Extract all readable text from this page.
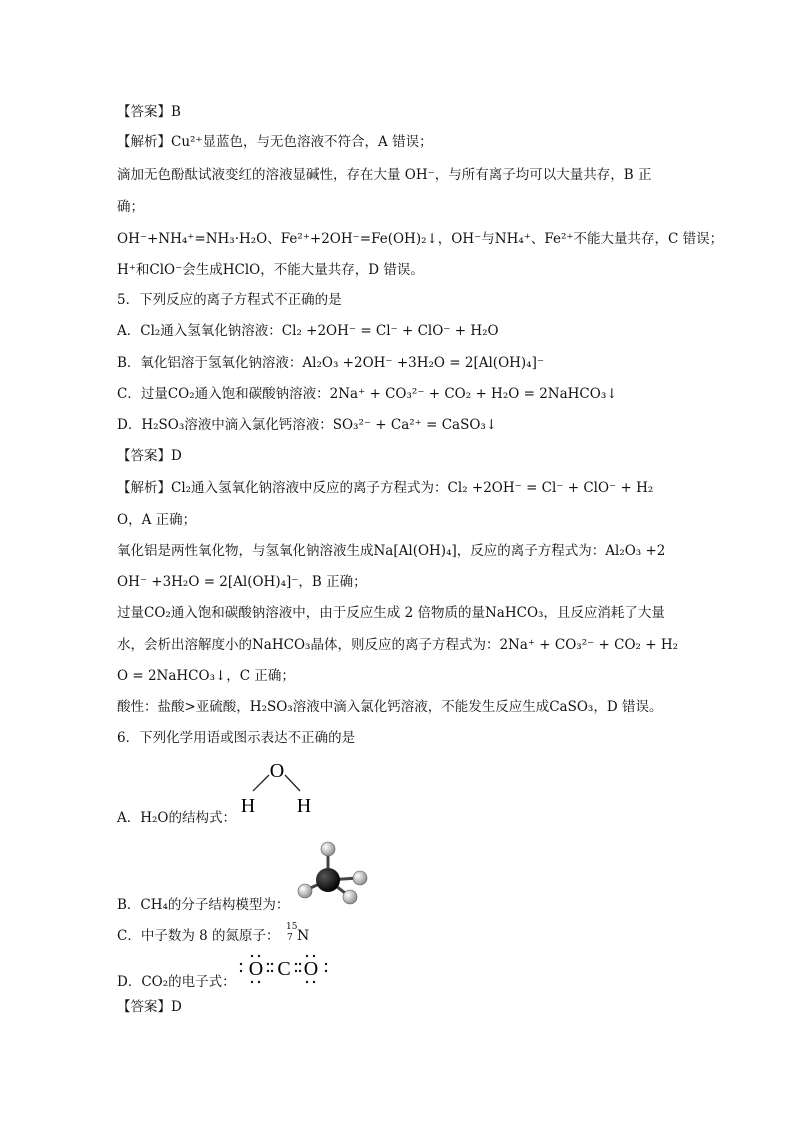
【答案】B
【解析】Cu²⁺显蓝色，与无色溶液不符合，A 错误；
滴加无色酚酞试液变红的溶液显碱性，存在大量 OH⁻，与所有离子均可以大量共存，B 正
确；
OH⁻+NH₄⁺=NH₃·H₂O、Fe²⁺+2OH⁻=Fe(OH)₂↓，OH⁻与NH₄⁺、Fe²⁺不能大量共存，C 错误；
H⁺和ClO⁻会生成HClO，不能大量共存，D 错误。
5．下列反应的离子方程式不正确的是
A．Cl₂通入氢氧化钠溶液：Cl₂ +2OH⁻ = Cl⁻ + ClO⁻ + H₂O
B．氧化铝溶于氢氧化钠溶液：Al₂O₃ +2OH⁻ +3H₂O = 2[Al(OH)₄]⁻
C．过量CO₂通入饱和碳酸钠溶液：2Na⁺ + CO₃²⁻ + CO₂ + H₂O = 2NaHCO₃↓
D．H₂SO₃溶液中滴入氯化钙溶液：SO₃²⁻ + Ca²⁺ = CaSO₃↓
【答案】D
【解析】Cl₂通入氢氧化钠溶液中反应的离子方程式为：Cl₂ +2OH⁻ = Cl⁻ + ClO⁻ + H₂
O，A 正确；
氧化铝是两性氧化物，与氢氧化钠溶液生成Na[Al(OH)₄]，反应的离子方程式为：Al₂O₃ +2
OH⁻ +3H₂O = 2[Al(OH)₄]⁻，B 正确；
过量CO₂通入饱和碳酸钠溶液中，由于反应生成 2 倍物质的量NaHCO₃，且反应消耗了大量
水，会析出溶解度小的NaHCO₃晶体，则反应的离子方程式为：2Na⁺ + CO₃²⁻ + CO₂ + H₂
O = 2NaHCO₃↓，C 正确；
酸性：盐酸>亚硫酸，H₂SO₃溶液中滴入氯化钙溶液，不能发生反应生成CaSO₃，D 错误。
6．下列化学用语或图示表达不正确的是
A．H₂O的结构式：
O
H H
B．CH₄的分子结构模型为：
C．中子数为 8 的氮原子：
15
7 N
D．CO₂的电子式：
O C O
【答案】D
